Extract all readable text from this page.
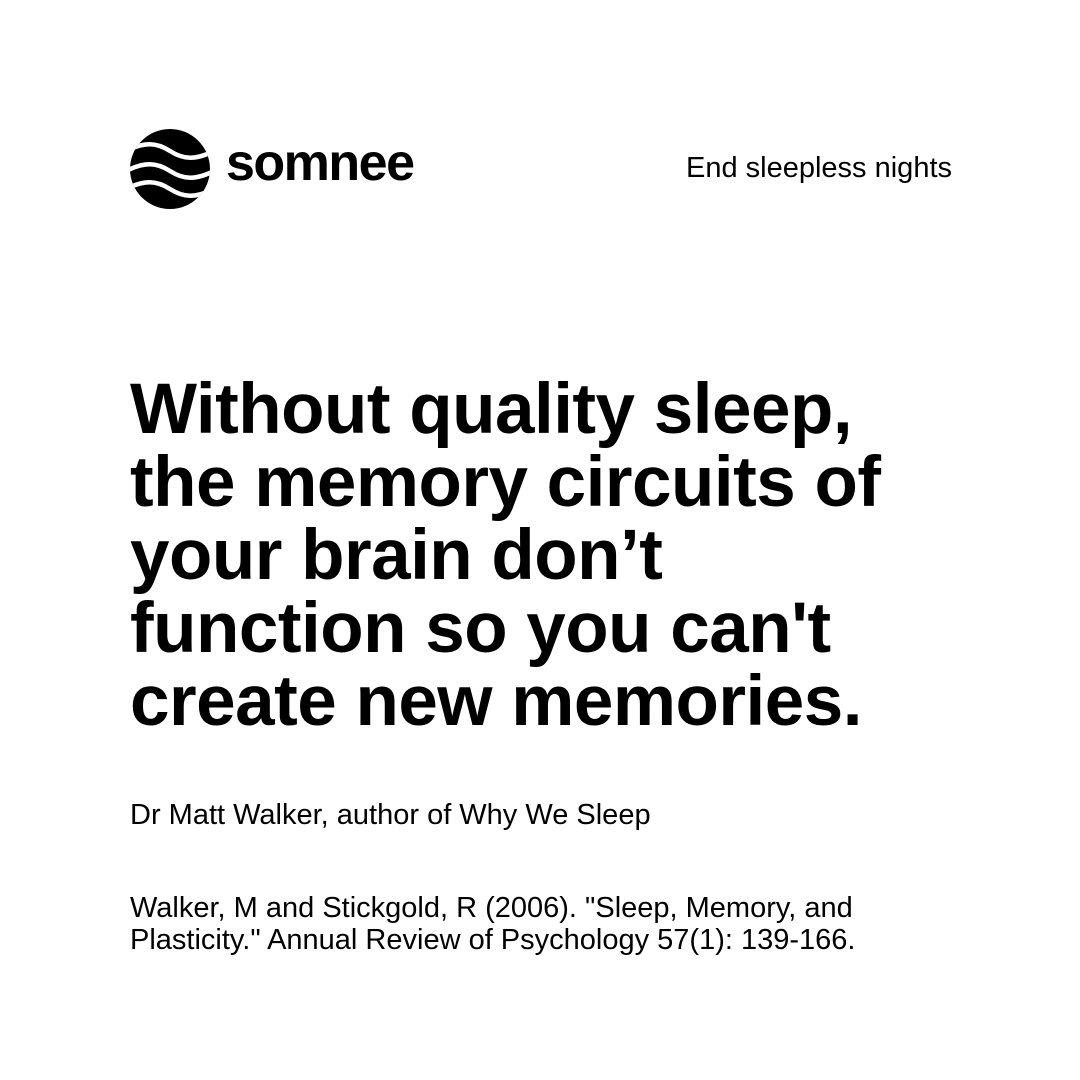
somnee	End sleepless nights
Without quality sleep,
the memory circuits of
your brain don’t
function so you can't
create new memories.

Dr Matt Walker, author of Why We Sleep

Walker, M and Stickgold, R (2006). "Sleep, Memory, and
Plasticity." Annual Review of Psychology 57(1): 139-166.
